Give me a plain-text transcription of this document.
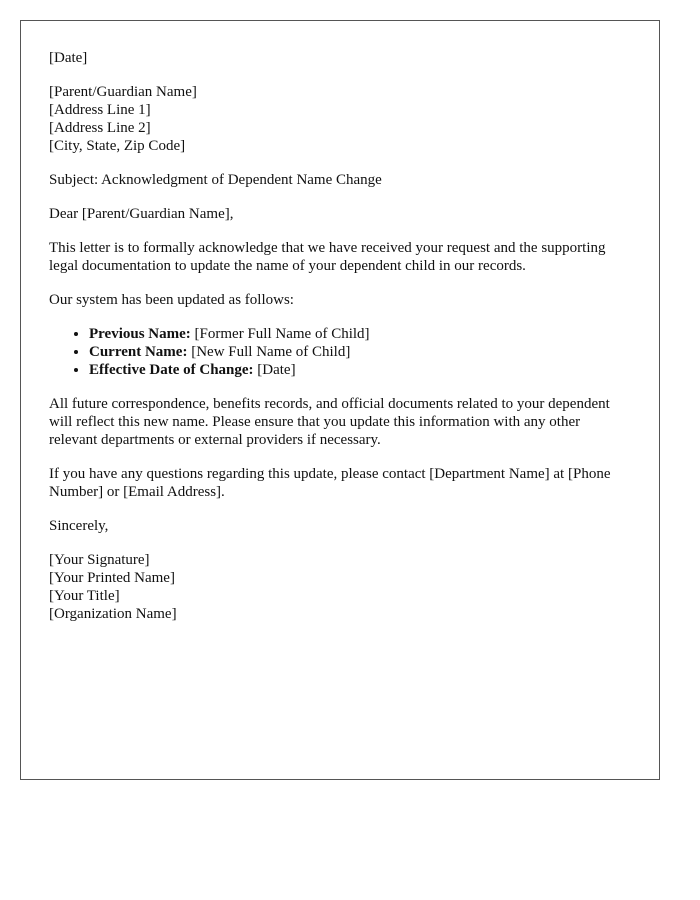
[Date]
[Parent/Guardian Name]
[Address Line 1]
[Address Line 2]
[City, State, Zip Code]

Subject: Acknowledgment of Dependent Name Change

Dear [Parent/Guardian Name],

This letter is to formally acknowledge that we have received your request and the supporting legal documentation to update the name of your dependent child in our records.

Our system has been updated as follows:

• Previous Name: [Former Full Name of Child]
• Current Name: [New Full Name of Child]
• Effective Date of Change: [Date]

All future correspondence, benefits records, and official documents related to your dependent will reflect this new name. Please ensure that you update this information with any other relevant departments or external providers if necessary.

If you have any questions regarding this update, please contact [Department Name] at [Phone Number] or [Email Address].

Sincerely,

[Your Signature]
[Your Printed Name]
[Your Title]
[Organization Name]
